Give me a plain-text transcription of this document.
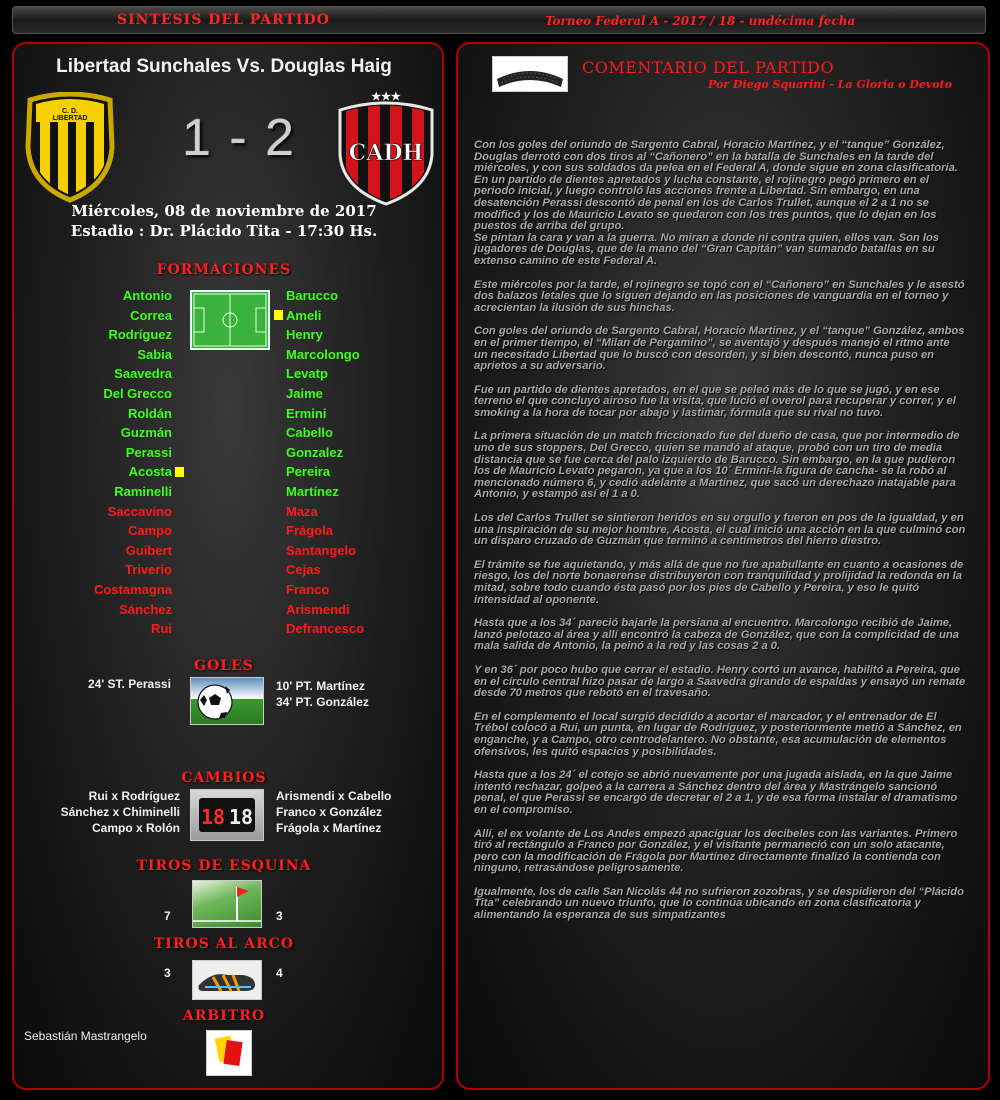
SINTESIS DEL PARTIDO	Torneo Federal A - 2017 / 18 - undécima fecha
Libertad Sunchales Vs. Douglas Haig
C. D.
LIBERTAD	1 - 2
★★★
CADH
Miércoles, 08 de noviembre de 2017
Estadio : Dr. Plácido Tita - 17:30 Hs.
FORMACIONES
Antonio
Correa
Rodríguez
Sabia
Saavedra
Del Grecco
Roldán
Guzmán
Perassi
Acosta
Raminelli
Saccavino
Campo
Guibert
Triverio
Costamagna
Sánchez
Rui
Barucco
Ameli
Henry
Marcolongo
Levatp
Jaime
Ermini
Cabello
Gonzalez
Pereira
Martínez
Maza
Frágola
Santangelo
Cejas
Franco
Arismendi
Defrancesco
GOLES
24' ST. Perassi	10' PT. Martínez
34' PT. González
CAMBIOS
Rui x Rodríguez
Sánchez x Chiminelli
Campo x Rolón 18 18
Arismendi x Cabello
Franco x González
Frágola x Martínez
TIROS DE ESQUINA
7	3
TIROS AL ARCO
3	4
ARBITRO
Sebastián Mastrangelo
COMENTARIO DEL PARTIDO
Por Diego Squarini - La Gloria o Devoto

Con los goles del oriundo de Sargento Cabral, Horacio Martínez, y el “tanque” González, Douglas derrotó con dos tiros al “Cañonero” en la batalla de Sunchales en la tarde del miércoles, y con sus soldados da pelea en el Federal A, donde sigue en zona clasificatoria. En un partido de dientes apretados y lucha constante, el rojinegro pegó primero en el periodo inicial, y luego controló las acciones frente a Libertad. Sin embargo, en una desatención Perassi descontó de penal en los de Carlos Trullet, aunque el 2 a 1 no se modificó y los de Mauricio Levato se quedaron con los tres puntos, que lo dejan en los puestos de arriba del grupo.
Se pintan la cara y van a la guerra. No miran a donde ni contra quien, ellos van. Son los jugadores de Douglas, que de la mano del “Gran Capitán” van sumando batallas en su extenso camino de este Federal A.

Este miércoles por la tarde, el rojinegro se topó con el “Cañonero” en Sunchales y le asestó dos balazos letales que lo siguen dejando en las posiciones de vanguardia en el torneo y acrecientan la ilusión de sus hinchas.

Con goles del oriundo de Sargento Cabral, Horacio Martínez, y el “tanque” González, ambos en el primer tiempo, el “Milan de Pergamino”, se aventajó y después manejó el ritmo ante un necesitado Libertad que lo buscó con desorden, y si bien descontó, nunca puso en aprietos a su adversario.

Fue un partido de dientes apretados, en el que se peleó más de lo que se jugó, y en ese terreno el que concluyó airoso fue la visita, que lució el overol para recuperar y correr, y el smoking a la hora de tocar por abajo y lastimar, fórmula que su rival no tuvo.

La primera situación de un match friccionado fue del dueño de casa, que por intermedio de uno de sus stoppers, Del Grecco, quien se mandó al ataque, probó con un tiro de media distancia que se fue cerca del palo izquierdo de Barucco. Sin embargo, en la que pudieron los de Mauricio Levato pegaron, ya que a los 10´ Ermini-la figura de cancha- se la robó al mencionado número 6, y cedió adelante a Martínez, que sacó un derechazo inatajable para Antonio, y estampó así el 1 a 0.

Los del Carlos Trullet se sintieron heridos en su orgullo y fueron en pos de la igualdad, y en una inspiración de su mejor hombre, Acosta, el cual inició una acción en la que culminó con un disparo cruzado de Guzmán que terminó a centímetros del hierro diestro.

El trámite se fue aquietando, y más allá de que no fue apabullante en cuanto a ocasiones de riesgo, los del norte bonaerense distribuyeron con tranquilidad y prolijidad la redonda en la mitad, sobre todo cuando ésta pasó por los pies de Cabello y Pereira, y eso le quitó intensidad al oponente.

Hasta que a los 34´ pareció bajarle la persiana al encuentro. Marcolongo recibió de Jaime, lanzó pelotazo al área y allí encontró la cabeza de González, que con la complicidad de una mala salida de Antonio, la peinó a la red y las cosas 2 a 0.

Y en 36´ por poco hubo que cerrar el estadio. Henry cortó un avance, habilitó a Pereira, que en el círculo central hizo pasar de largo a Saavedra girando de espaldas y ensayó un remate desde 70 metros que rebotó en el travesaño.

En el complemento el local surgió decidido a acortar el marcador, y el entrenador de El Trébol colocó a Rui, un punta, en lugar de Rodríguez, y posteriormente metió a Sánchez, en enganche, y a Campo, otro centrodelantero. No obstante, esa acumulación de elementos ofensivos, les quitó espacios y posibilidades.

Hasta que a los 24´ el cotejo se abrió nuevamente por una jugada aislada, en la que Jaime intentó rechazar, golpeó a la carrera a Sánchez dentro del área y Mastrángelo sancionó penal, el que Perassi se encargó de decretar el 2 a 1, y de esa forma instalar el dramatismo en el compromiso.

Allí, el ex volante de Los Andes empezó apaciguar los decibeles con las variantes. Primero tiró al rectángulo a Franco por González, y el visitante permaneció con un solo atacante, pero con la modificación de Frágola por Martínez directamente finalizó la contienda con ninguno, retrasándose peligrosamente.

Igualmente, los de calle San Nicolás 44 no sufrieron zozobras, y se despidieron del “Plácido Tita” celebrando un nuevo triunfo, que lo continúa ubicando en zona clasificatoria y alimentando la esperanza de sus simpatizantes
